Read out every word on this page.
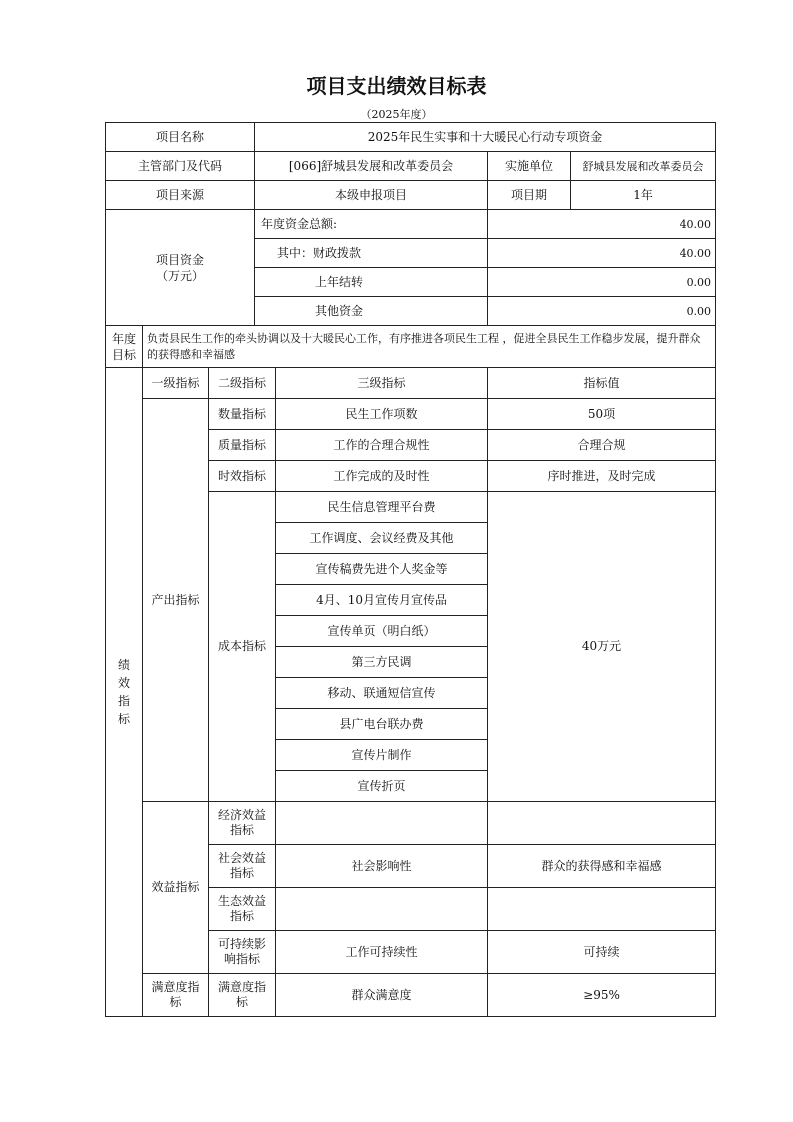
项目支出绩效目标表
（2025年度）
项目名称			2025年民生实事和十大暖民心行动专项资金			
主管部门及代码			[066]舒城县发展和改革委员会		实施单位	舒城县发展和改革委员会
项目来源			本级申报项目		项目期	1年
项目资金
（万元）			年度资金总额:		40.00	
			其中：财政拨款		40.00	
			上年结转		0.00	
			其他资金		0.00	
年度
目标	负责县民生工作的牵头协调以及十大暖民心工作，有序推进各项民生工程 ，促进全县民生工作稳步发展，提升群众的获得感和幸福感					
绩
效
指
标	一级指标	二级指标		三级指标	指标值	
	产出指标	数量指标		民生工作项数	50项	
		质量指标		工作的合理合规性	合理合规	
		时效指标		工作完成的及时性	序时推进，及时完成	
		成本指标		民生信息管理平台费	40万元	
				工作调度、会议经费及其他		
				宣传稿费先进个人奖金等		
				4月、10月宣传月宣传品		
				宣传单页（明白纸）		
				第三方民调		
				移动、联通短信宣传		
				县广电台联办费		
				宣传片制作		
				宣传折页		
	效益指标	经济效益
指标				
		社会效益
指标		社会影响性	群众的获得感和幸福感	
		生态效益
指标				
		可持续影
响指标		工作可持续性	可持续	
	满意度指标	满意度指
标		群众满意度	≥95%	
